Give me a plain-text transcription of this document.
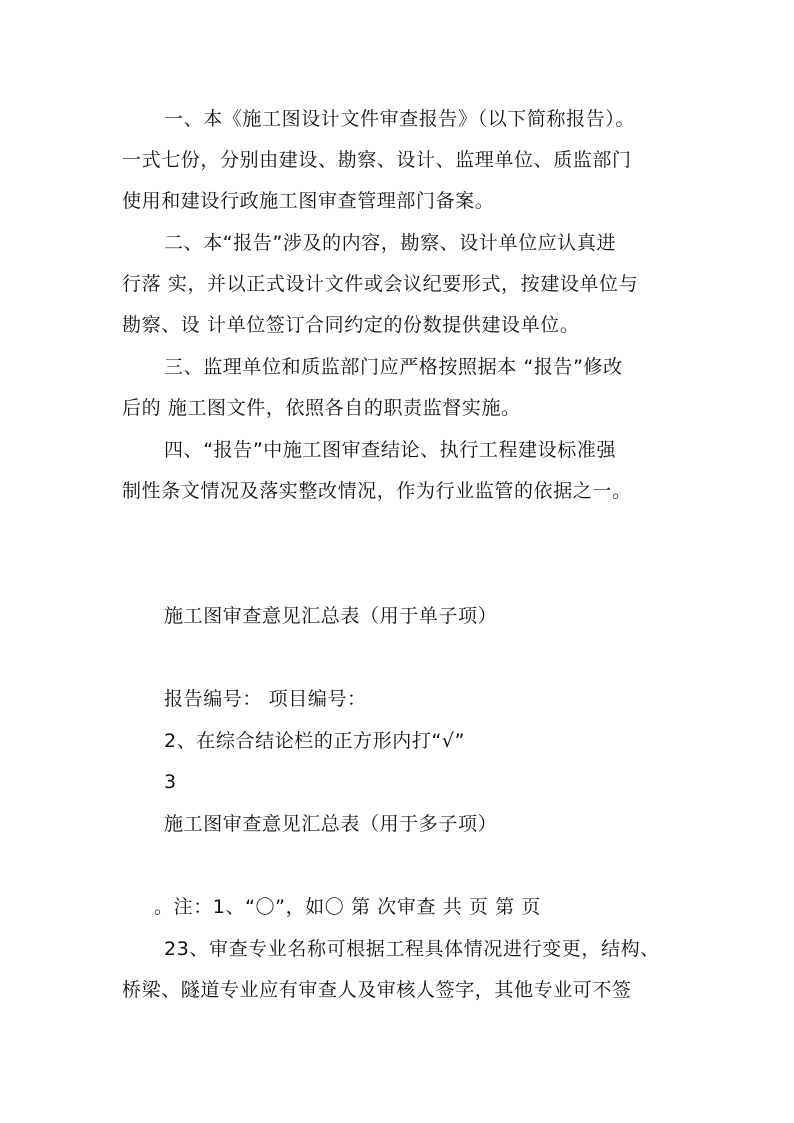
一、本《施工图设计文件审查报告》（以下简称报告）。
一式七份，分别由建设、勘察、设计、监理单位、质监部门
使用和建设行政施工图审查管理部门备案。
二、本“报告”涉及的内容，勘察、设计单位应认真进
行落 实，并以正式设计文件或会议纪要形式，按建设单位与
勘察、设 计单位签订合同约定的份数提供建设单位。
三、监理单位和质监部门应严格按照据本 “报告”修改
后的 施工图文件，依照各自的职责监督实施。
四、“报告”中施工图审查结论、执行工程建设标准强
制性条文情况及落实整改情况，作为行业监管的依据之一。
施工图审查意见汇总表（用于单子项）
报告编号： 项目编号：
2、在综合结论栏的正方形内打“√”
3
施工图审查意见汇总表（用于多子项）
。注：1、“〇”，如〇 第 次审查 共 页 第 页
23、审查专业名称可根据工程具体情况进行变更，结构、
桥梁、隧道专业应有审查人及审核人签字，其他专业可不签
